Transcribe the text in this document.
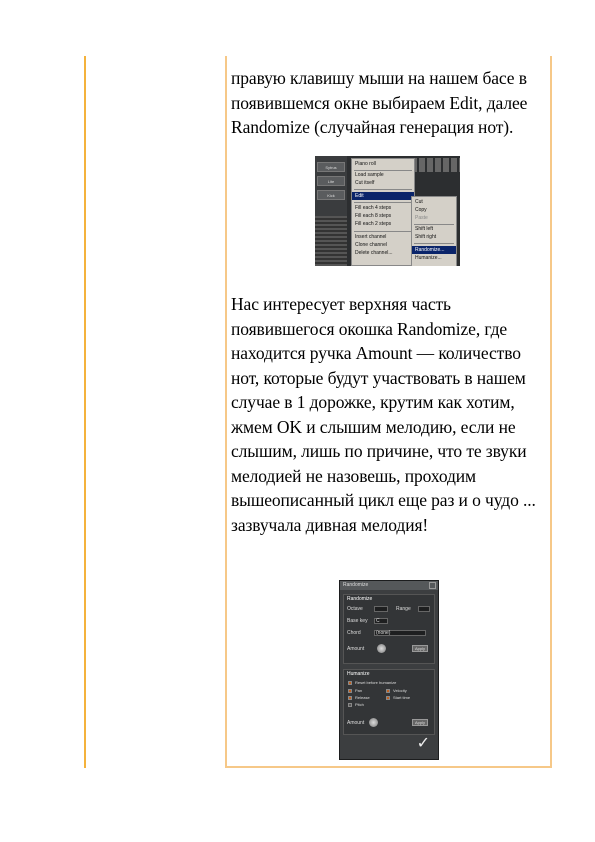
правую клавишу мыши на нашем басе в появившемся окне выбираем Edit, далее Randomize (случайная генерация нот).

Sytrus
Lite
Kick
Piano roll
Load sample
Cut itself
Edit
Fill each 4 steps
Fill each 8 steps
Fill each 2 steps
Insert channel
Clone channel
Delete channel...
Cut
Copy
Paste
Shift left
Shift right
Randomize...
Humanize...

Нас интересует верхняя часть появившегося окошка Randomize, где находится ручка Amount — количество нот, которые будут участвовать в нашем случае в 1 дорожке, крутим как хотим, жмем OK и слышим мелодию, если не слышим, лишь по причине, что те звуки мелодией не назовешь, проходим вышеописанный цикл еще раз и о чудо ... зазвучала дивная мелодия!

Randomize
Randomize
Octave	Range
Base key C
Chord	(none)
Amount	Apply
Humanize
Reset before humanize
Pan	Velocity
Release	Start time
Pitch
Amount	Apply
✓
